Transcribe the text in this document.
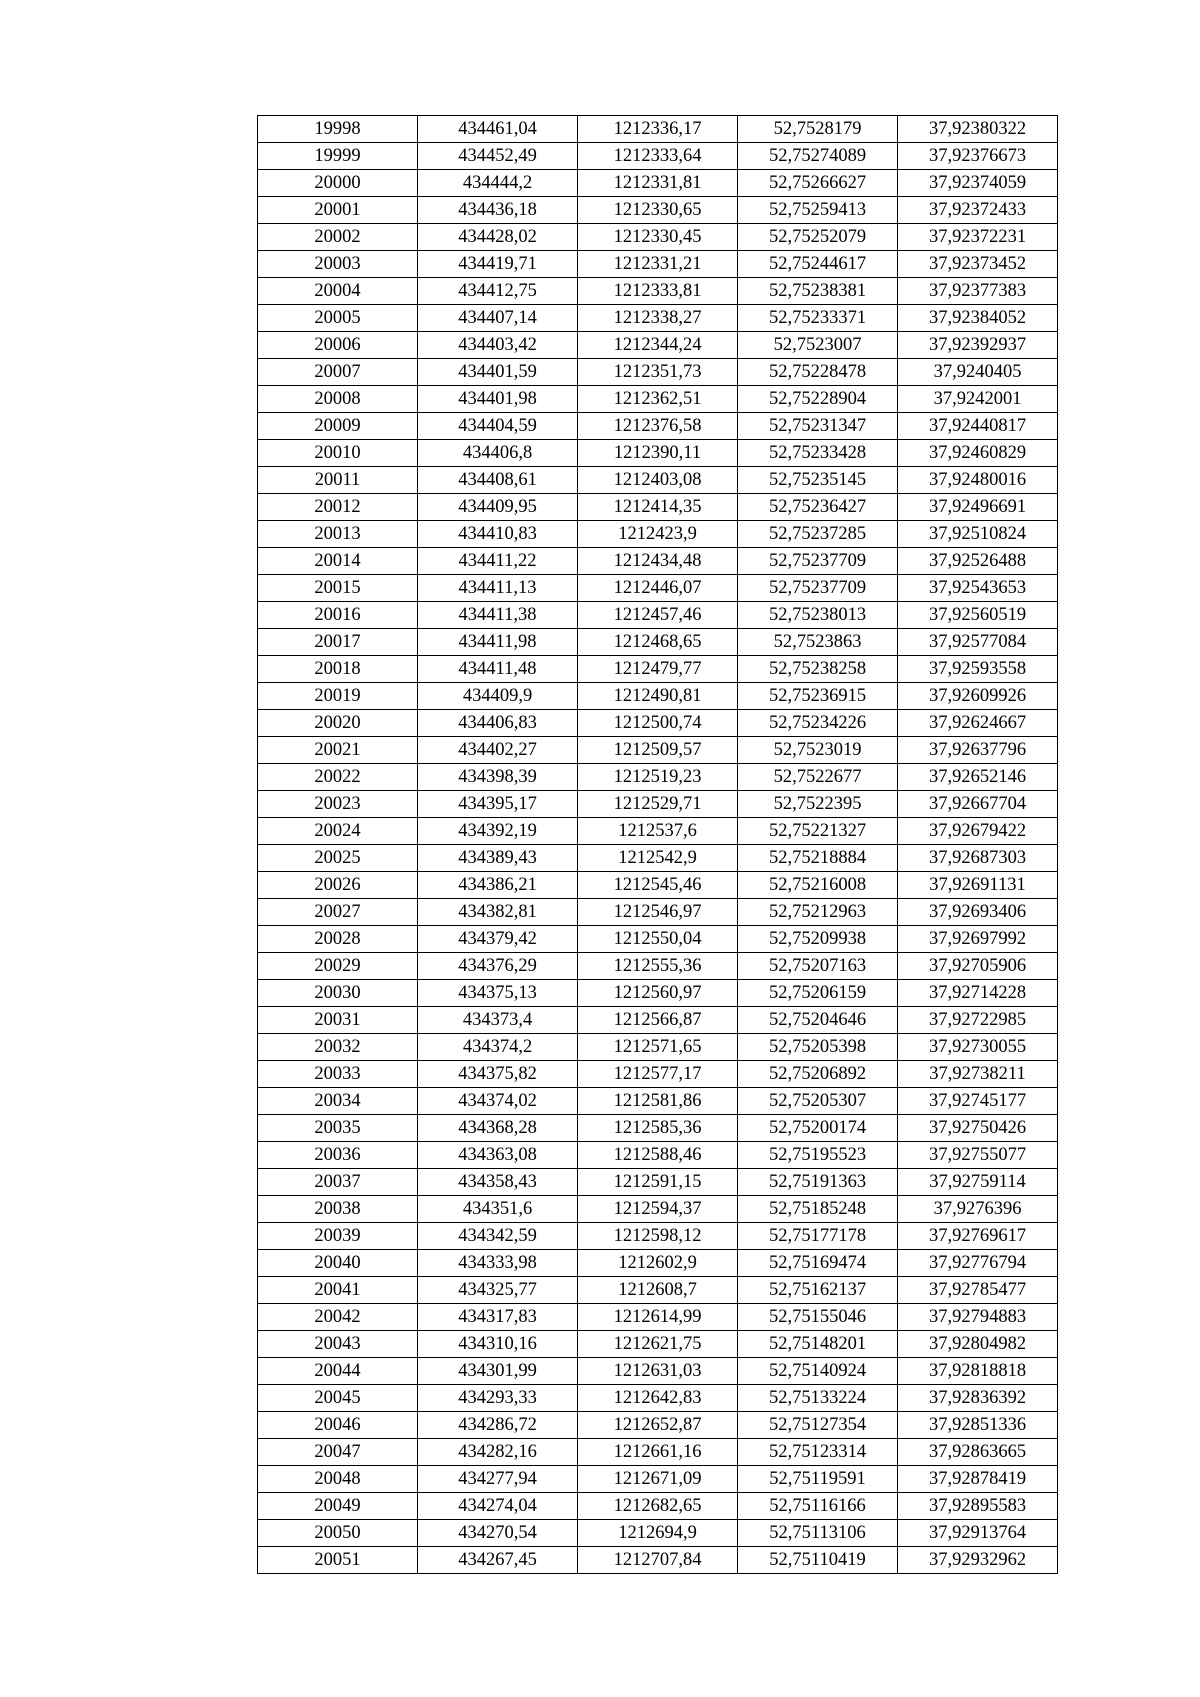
19998	434461,04	1212336,17	52,7528179	37,92380322
19999	434452,49	1212333,64	52,75274089	37,92376673
20000	434444,2	1212331,81	52,75266627	37,92374059
20001	434436,18	1212330,65	52,75259413	37,92372433
20002	434428,02	1212330,45	52,75252079	37,92372231
20003	434419,71	1212331,21	52,75244617	37,92373452
20004	434412,75	1212333,81	52,75238381	37,92377383
20005	434407,14	1212338,27	52,75233371	37,92384052
20006	434403,42	1212344,24	52,7523007	37,92392937
20007	434401,59	1212351,73	52,75228478	37,9240405
20008	434401,98	1212362,51	52,75228904	37,9242001
20009	434404,59	1212376,58	52,75231347	37,92440817
20010	434406,8	1212390,11	52,75233428	37,92460829
20011	434408,61	1212403,08	52,75235145	37,92480016
20012	434409,95	1212414,35	52,75236427	37,92496691
20013	434410,83	1212423,9	52,75237285	37,92510824
20014	434411,22	1212434,48	52,75237709	37,92526488
20015	434411,13	1212446,07	52,75237709	37,92543653
20016	434411,38	1212457,46	52,75238013	37,92560519
20017	434411,98	1212468,65	52,7523863	37,92577084
20018	434411,48	1212479,77	52,75238258	37,92593558
20019	434409,9	1212490,81	52,75236915	37,92609926
20020	434406,83	1212500,74	52,75234226	37,92624667
20021	434402,27	1212509,57	52,7523019	37,92637796
20022	434398,39	1212519,23	52,7522677	37,92652146
20023	434395,17	1212529,71	52,7522395	37,92667704
20024	434392,19	1212537,6	52,75221327	37,92679422
20025	434389,43	1212542,9	52,75218884	37,92687303
20026	434386,21	1212545,46	52,75216008	37,92691131
20027	434382,81	1212546,97	52,75212963	37,92693406
20028	434379,42	1212550,04	52,75209938	37,92697992
20029	434376,29	1212555,36	52,75207163	37,92705906
20030	434375,13	1212560,97	52,75206159	37,92714228
20031	434373,4	1212566,87	52,75204646	37,92722985
20032	434374,2	1212571,65	52,75205398	37,92730055
20033	434375,82	1212577,17	52,75206892	37,92738211
20034	434374,02	1212581,86	52,75205307	37,92745177
20035	434368,28	1212585,36	52,75200174	37,92750426
20036	434363,08	1212588,46	52,75195523	37,92755077
20037	434358,43	1212591,15	52,75191363	37,92759114
20038	434351,6	1212594,37	52,75185248	37,9276396
20039	434342,59	1212598,12	52,75177178	37,92769617
20040	434333,98	1212602,9	52,75169474	37,92776794
20041	434325,77	1212608,7	52,75162137	37,92785477
20042	434317,83	1212614,99	52,75155046	37,92794883
20043	434310,16	1212621,75	52,75148201	37,92804982
20044	434301,99	1212631,03	52,75140924	37,92818818
20045	434293,33	1212642,83	52,75133224	37,92836392
20046	434286,72	1212652,87	52,75127354	37,92851336
20047	434282,16	1212661,16	52,75123314	37,92863665
20048	434277,94	1212671,09	52,75119591	37,92878419
20049	434274,04	1212682,65	52,75116166	37,92895583
20050	434270,54	1212694,9	52,75113106	37,92913764
20051	434267,45	1212707,84	52,75110419	37,92932962
